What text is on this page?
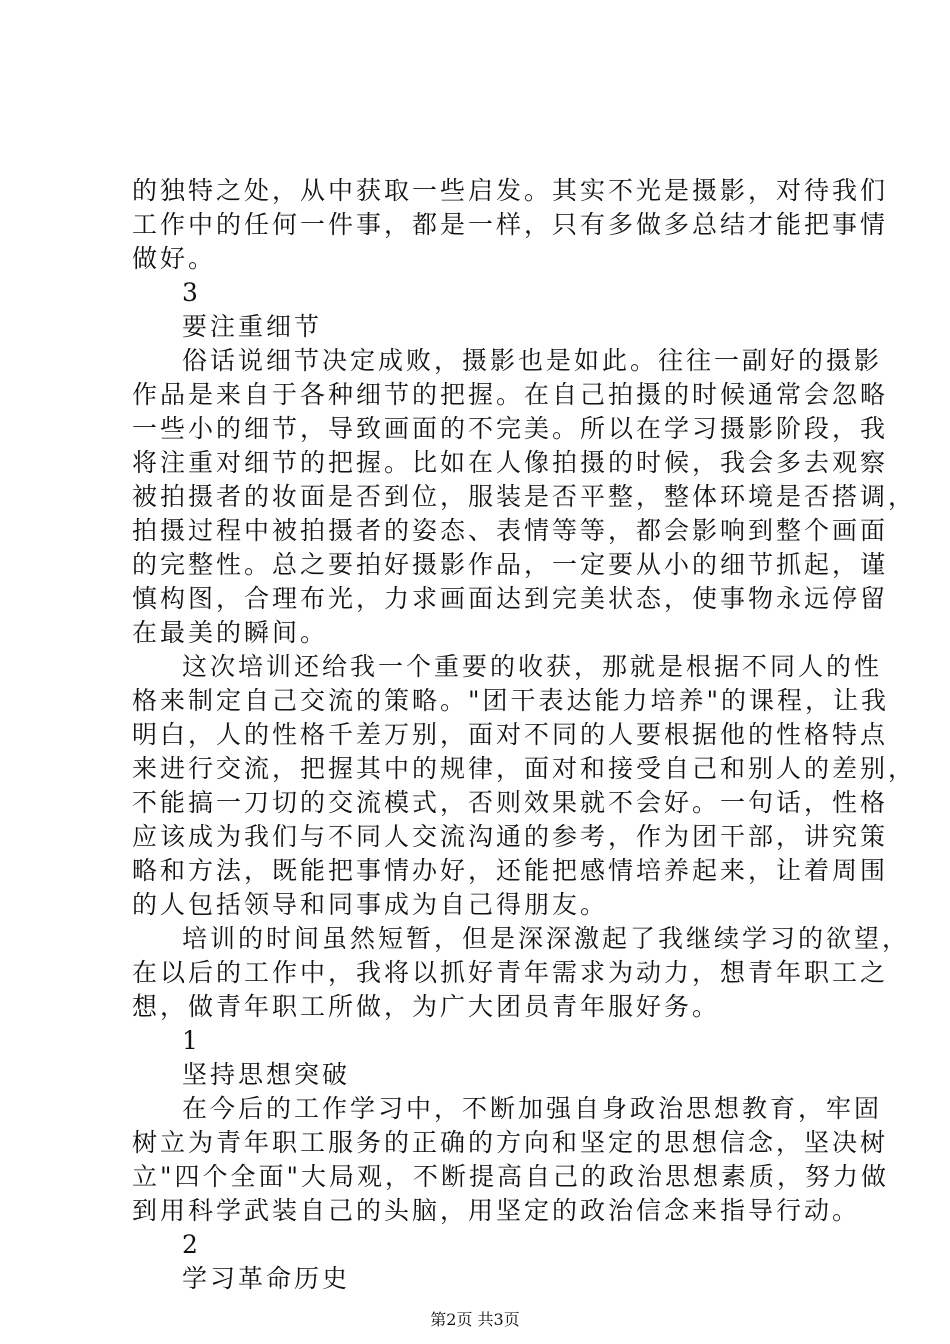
的独特之处，从中获取一些启发。其实不光是摄影，对待我们
工作中的任何一件事，都是一样，只有多做多总结才能把事情
做好。
3
要注重细节
俗话说细节决定成败，摄影也是如此。往往一副好的摄影
作品是来自于各种细节的把握。在自己拍摄的时候通常会忽略
一些小的细节，导致画面的不完美。所以在学习摄影阶段，我
将注重对细节的把握。比如在人像拍摄的时候，我会多去观察
被拍摄者的妆面是否到位，服装是否平整，整体环境是否搭调，
拍摄过程中被拍摄者的姿态、表情等等，都会影响到整个画面
的完整性。总之要拍好摄影作品，一定要从小的细节抓起，谨
慎构图，合理布光，力求画面达到完美状态，使事物永远停留
在最美的瞬间。
这次培训还给我一个重要的收获，那就是根据不同人的性
格来制定自己交流的策略。"团干表达能力培养"的课程，让我
明白，人的性格千差万别，面对不同的人要根据他的性格特点
来进行交流，把握其中的规律，面对和接受自己和别人的差别，
不能搞一刀切的交流模式，否则效果就不会好。一句话，性格
应该成为我们与不同人交流沟通的参考，作为团干部，讲究策
略和方法，既能把事情办好，还能把感情培养起来，让着周围
的人包括领导和同事成为自己得朋友。
培训的时间虽然短暂，但是深深激起了我继续学习的欲望，
在以后的工作中，我将以抓好青年需求为动力，想青年职工之
想，做青年职工所做，为广大团员青年服好务。
1
坚持思想突破
在今后的工作学习中，不断加强自身政治思想教育，牢固
树立为青年职工服务的正确的方向和坚定的思想信念，坚决树
立"四个全面"大局观，不断提高自己的政治思想素质，努力做
到用科学武装自己的头脑，用坚定的政治信念来指导行动。
第2页 共3页
2
学习革命历史
